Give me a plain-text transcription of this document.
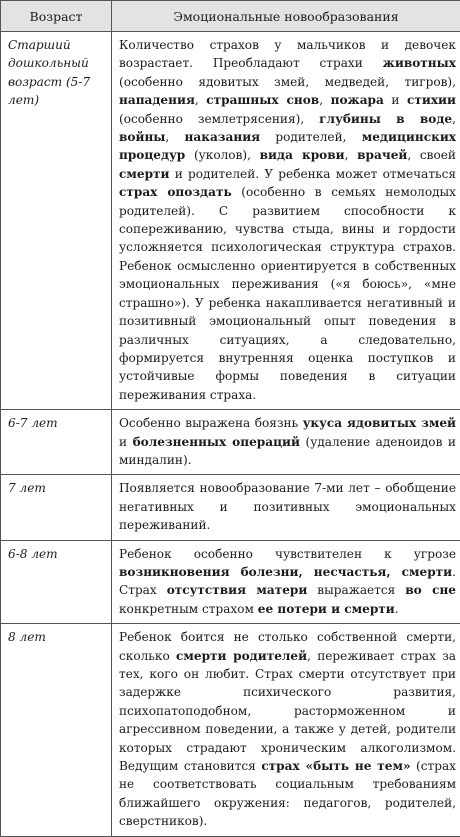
Возраст	Эмоциональные новообразования
Старший дошкольный возраст (5-7 лет)	Количество страхов у мальчиков и девочек возрастает. Преобладают страхи животных (особенно ядовитых змей, медведей, тигров), нападения, страшных снов, пожара и стихии (особенно землетрясения), глубины в воде, войны, наказания родителей, медицинских процедур (уколов), вида крови, врачей, своей смерти и родителей. У ребенка может отмечаться страх опоздать (особенно в семьях немолодых родителей). С развитием способности к сопереживанию, чувства стыда, вины и гордости усложняется психологическая структура страхов. Ребенок осмысленно ориентируется в собственных эмоциональных переживания («я боюсь», «мне страшно»). У ребенка накапливается негативный и позитивный эмоциональный опыт поведения в различных ситуациях, а следовательно, формируется внутренняя оценка поступков и устойчивые формы поведения в ситуации переживания страха.
6-7 лет	Особенно выражена боязнь укуса ядовитых змей и болезненных операций (удаление аденоидов и миндалин).
7 лет	Появляется новообразование 7-ми лет – обобщение негативных и позитивных эмоциональных переживаний.
6-8 лет	Ребенок особенно чувствителен к угрозе возникновения болезни, несчастья, смерти. Страх отсутствия матери выражается во сне конкретным страхом ее потери и смерти.
8 лет	Ребенок боится не столько собственной смерти, сколько смерти родителей, переживает страх за тех, кого он любит. Страх смерти отсутствует при задержке психического развития, психопатоподобном, расторможенном и агрессивном поведении, а также у детей, родители которых страдают хроническим алкоголизмом. Ведущим становится страх «быть не тем» (страх не соответствовать социальным требованиям ближайшего окружения: педагогов, родителей, сверстников).
